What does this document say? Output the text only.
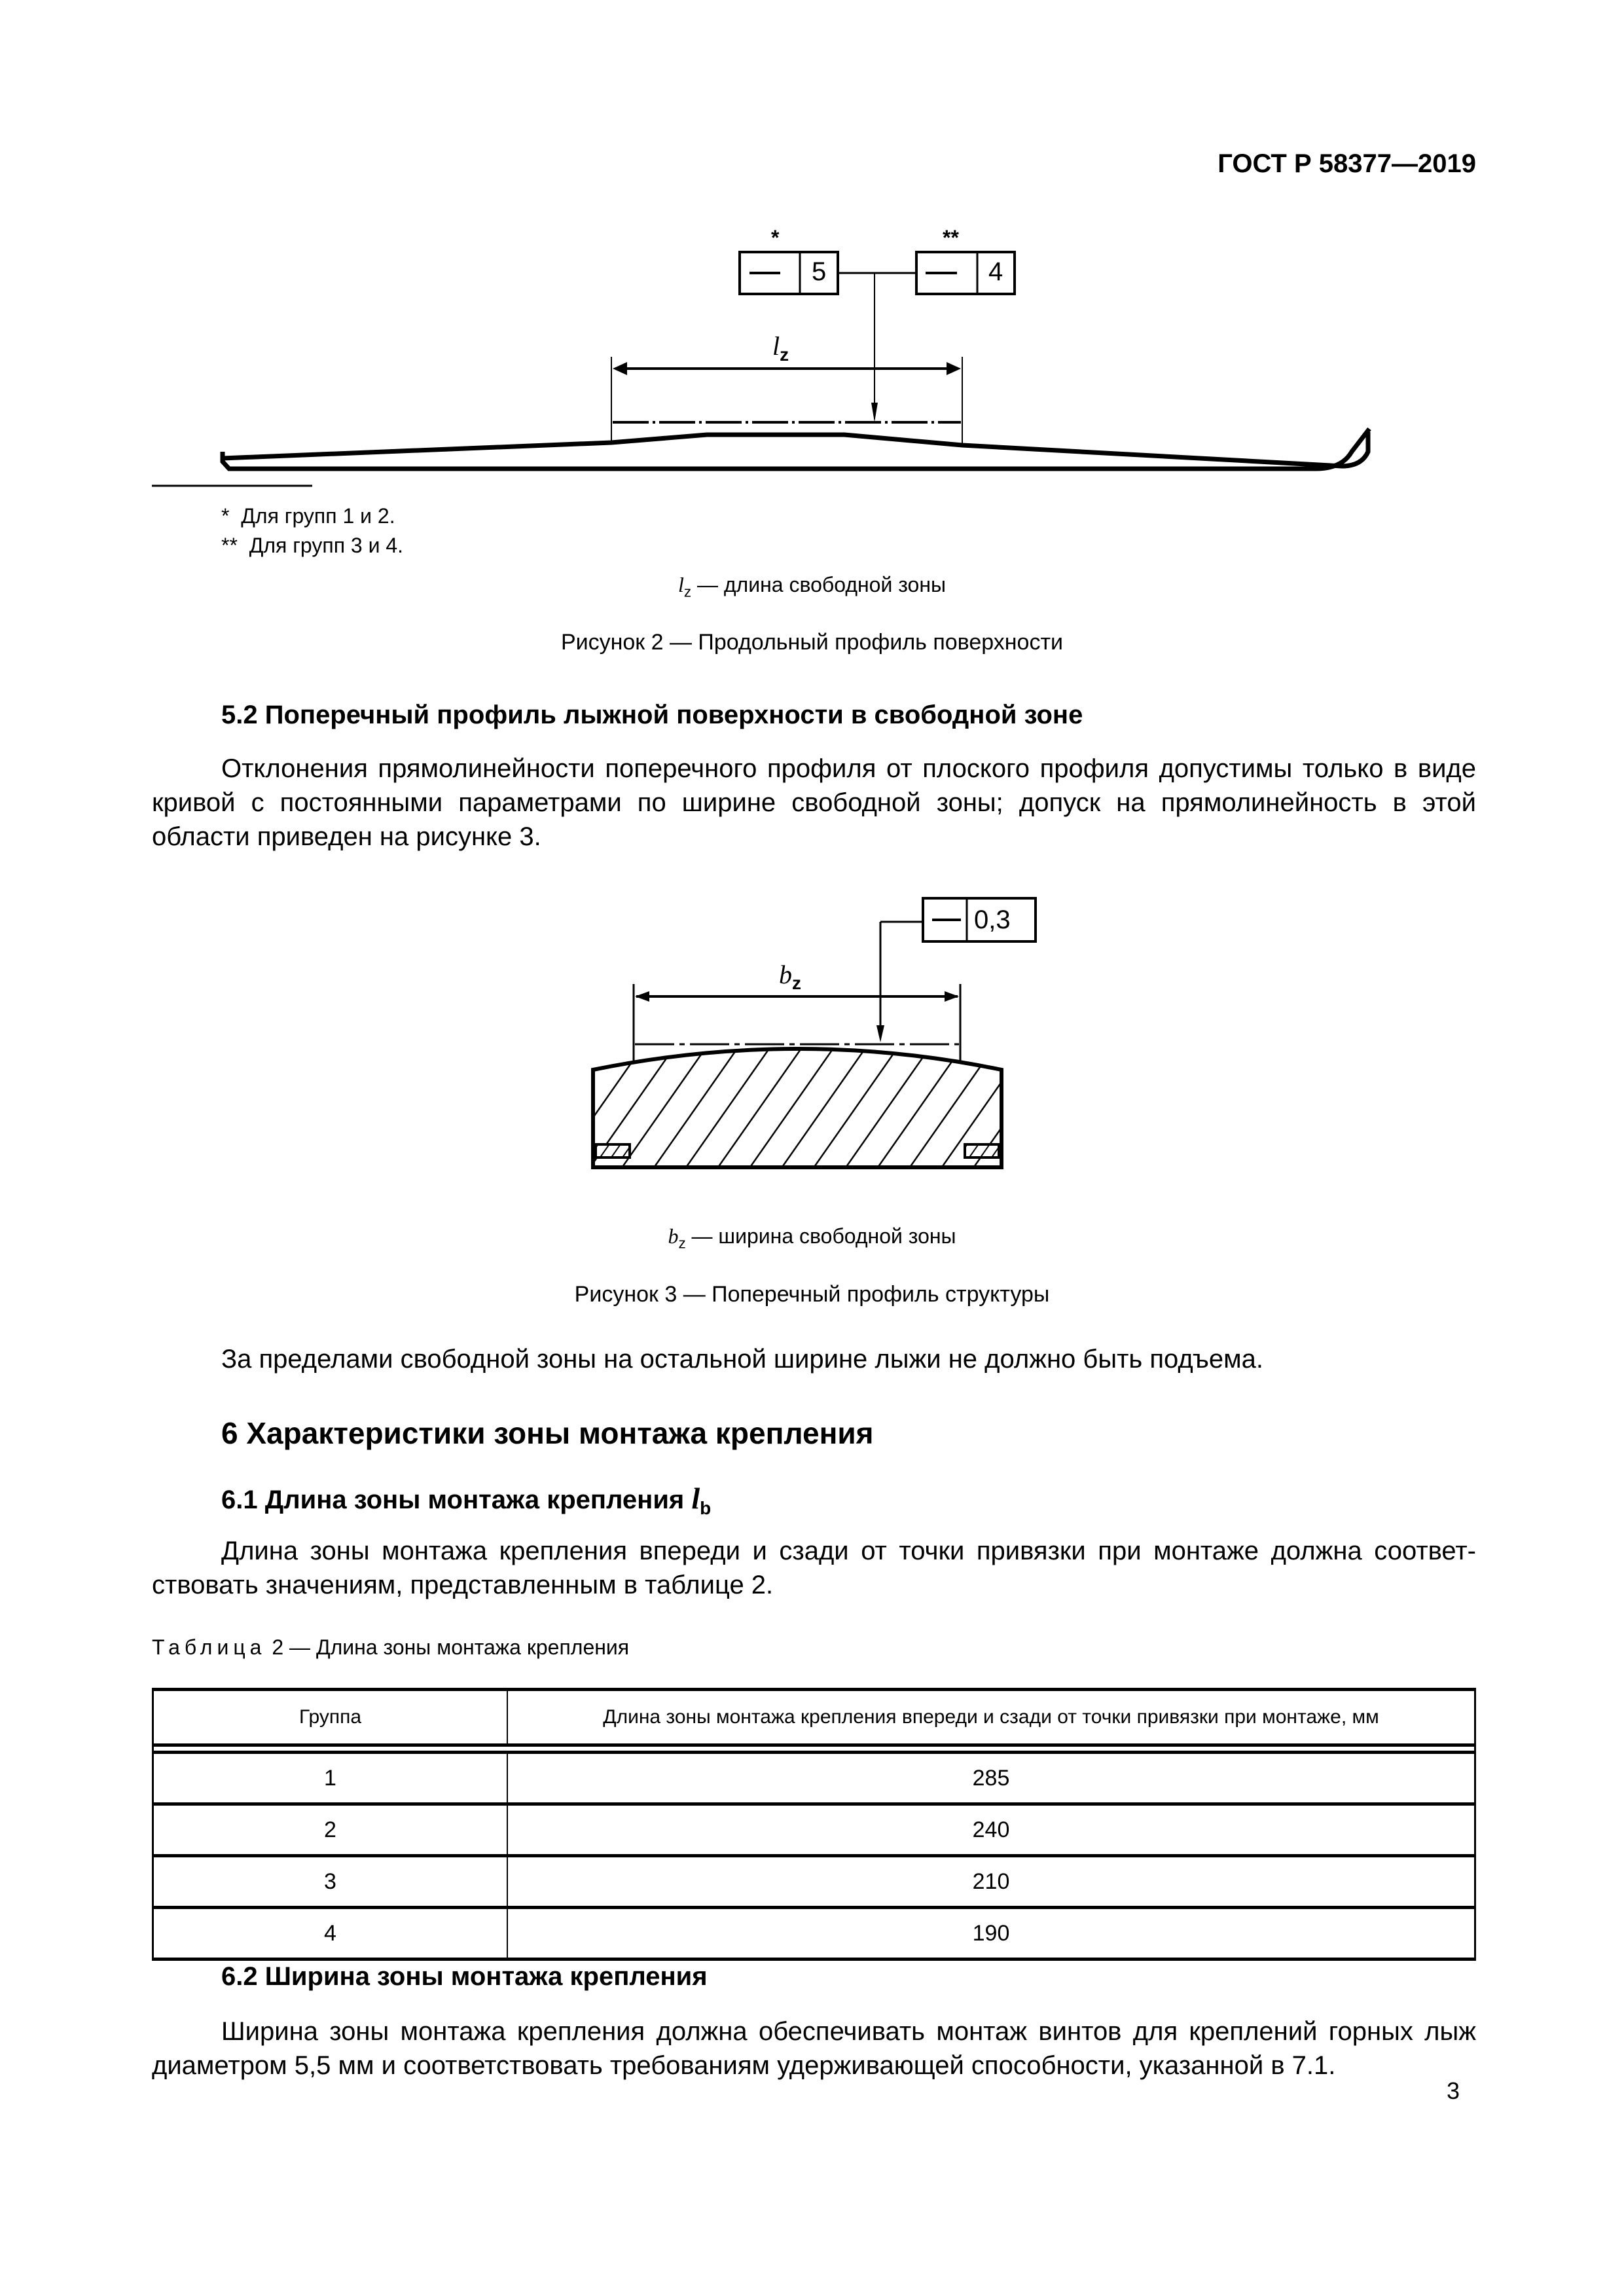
ГОСТ Р 58377—2019
*
5
**
4
$l_z$
* Для групп 1 и 2.
** Для групп 3 и 4.
$l_z$ — длина свободной зоны
Рисунок 2 — Продольный профиль поверхности
5.2 Поперечный профиль лыжной поверхности в свободной зоне
Отклонения прямолинейности поперечного профиля от плоского профиля допустимы только в виде кривой с постоянными параметрами по ширине свободной зоны; допуск на прямолинейность в этой области приведен на рисунке 3.
0,3
$b_z$
$b_z$ — ширина свободной зоны
Рисунок 3 — Поперечный профиль структуры
За пределами свободной зоны на остальной ширине лыжи не должно быть подъема.
6 Характеристики зоны монтажа крепления
6.1 Длина зоны монтажа крепления $l_b$
Длина зоны монтажа крепления впереди и сзади от точки привязки при монтаже должна соответ-ствовать значениям, представленным в таблице 2.
Таблица 2 — Длина зоны монтажа крепления
Группа	Длина зоны монтажа крепления впереди и сзади от точки привязки при монтаже, мм

1	285
2	240
3	210
4	190
6.2 Ширина зоны монтажа крепления
Ширина зоны монтажа крепления должна обеспечивать монтаж винтов для креплений горных лыж диаметром 5,5 мм и соответствовать требованиям удерживающей способности, указанной в 7.1.
3
